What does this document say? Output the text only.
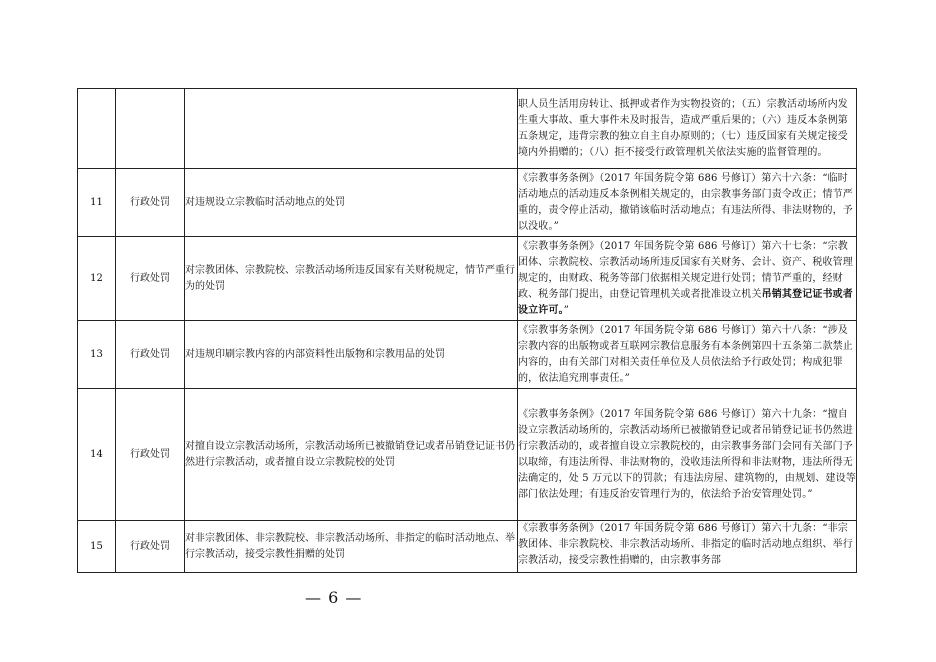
			职人员生活用房转让、抵押或者作为实物投资的；（五）宗教活动场所内发生重大事故、重大事件未及时报告，造成严重后果的；（六）违反本条例第五条规定，违背宗教的独立自主自办原则的；（七）违反国家有关规定接受境内外捐赠的；（八）拒不接受行政管理机关依法实施的监督管理的。
11	行政处罚	对违规设立宗教临时活动地点的处罚	《宗教事务条例》（2017 年国务院令第 686 号修订）第六十六条：“临时活动地点的活动违反本条例相关规定的，由宗教事务部门责令改正；情节严重的，责令停止活动，撤销该临时活动地点；有违法所得、非法财物的，予以没收。”
12	行政处罚	对宗教团体、宗教院校、宗教活动场所违反国家有关财税规定，情节严重行为的处罚	《宗教事务条例》（2017 年国务院令第 686 号修订）第六十七条：“宗教团体、宗教院校、宗教活动场所违反国家有关财务、会计、资产、税收管理规定的，由财政、税务等部门依据相关规定进行处罚；情节严重的，经财政、税务部门提出，由登记管理机关或者批准设立机关吊销其登记证书或者设立许可。”
13	行政处罚	对违规印刷宗教内容的内部资料性出版物和宗教用品的处罚	《宗教事务条例》（2017 年国务院令第 686 号修订）第六十八条：“涉及宗教内容的出版物或者互联网宗教信息服务有本条例第四十五条第二款禁止内容的，由有关部门对相关责任单位及人员依法给予行政处罚；构成犯罪的，依法追究刑事责任。”
14	行政处罚	对擅自设立宗教活动场所，宗教活动场所已被撤销登记或者吊销登记证书仍然进行宗教活动，或者擅自设立宗教院校的处罚	《宗教事务条例》（2017 年国务院令第 686 号修订）第六十九条：“擅自设立宗教活动场所的，宗教活动场所已被撤销登记或者吊销登记证书仍然进行宗教活动的，或者擅自设立宗教院校的，由宗教事务部门会同有关部门予以取缔，有违法所得、非法财物的，没收违法所得和非法财物，违法所得无法确定的，处 5 万元以下的罚款；有违法房屋、建筑物的，由规划、建设等部门依法处理；有违反治安管理行为的，依法给予治安管理处罚。”
15	行政处罚	对非宗教团体、非宗教院校、非宗教活动场所、非指定的临时活动地点、举行宗教活动，接受宗教性捐赠的处罚	《宗教事务条例》（2017 年国务院令第 686 号修订）第六十九条：“非宗教团体、非宗教院校、非宗教活动场所、非指定的临时活动地点组织、举行宗教活动，接受宗教性捐赠的，由宗教事务部
— 6 —
